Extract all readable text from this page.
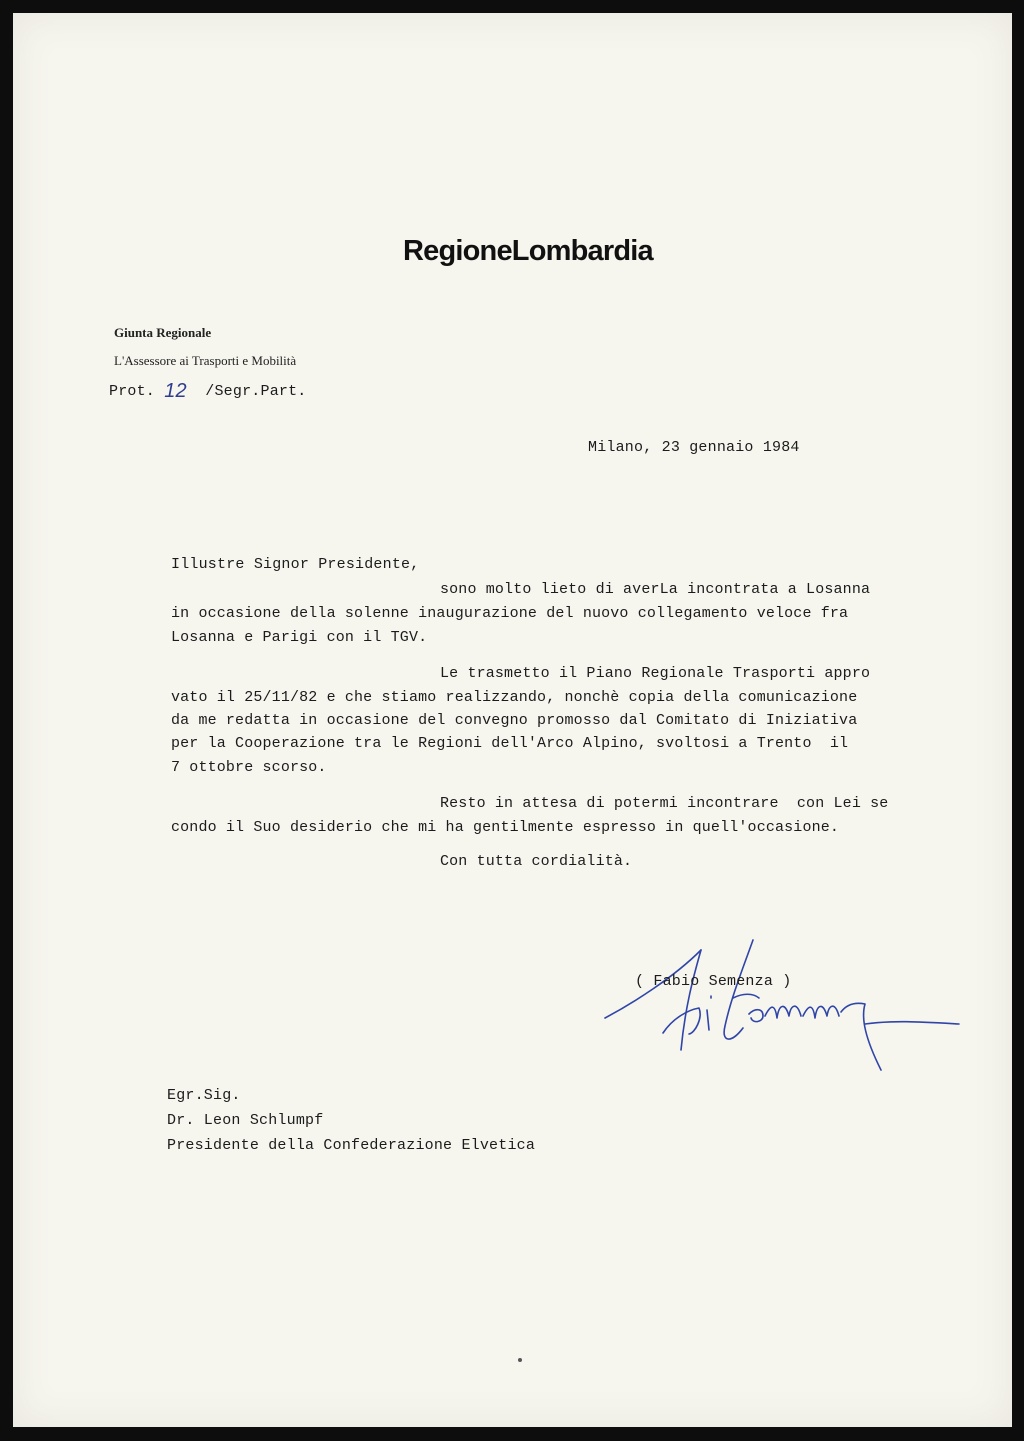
RegioneLombardia
Giunta Regionale
L'Assessore ai Trasporti e Mobilità
Prot. 12 /Segr.Part.
Milano, 23 gennaio 1984
Illustre Signor Presidente,
sono molto lieto di averLa incontrata a Losanna
in occasione della solenne inaugurazione del nuovo collegamento veloce fra
Losanna e Parigi con il TGV.
Le trasmetto il Piano Regionale Trasporti appro
vato il 25/11/82 e che stiamo realizzando, nonchè copia della comunicazione
da me redatta in occasione del convegno promosso dal Comitato di Iniziativa
per la Cooperazione tra le Regioni dell'Arco Alpino, svoltosi a Trento  il
7 ottobre scorso.
Resto in attesa di potermi incontrare  con Lei se
condo il Suo desiderio che mi ha gentilmente espresso in quell'occasione.
Con tutta cordialità.
( Fabio Semenza )
Egr.Sig.
Dr. Leon Schlumpf
Presidente della Confederazione Elvetica
